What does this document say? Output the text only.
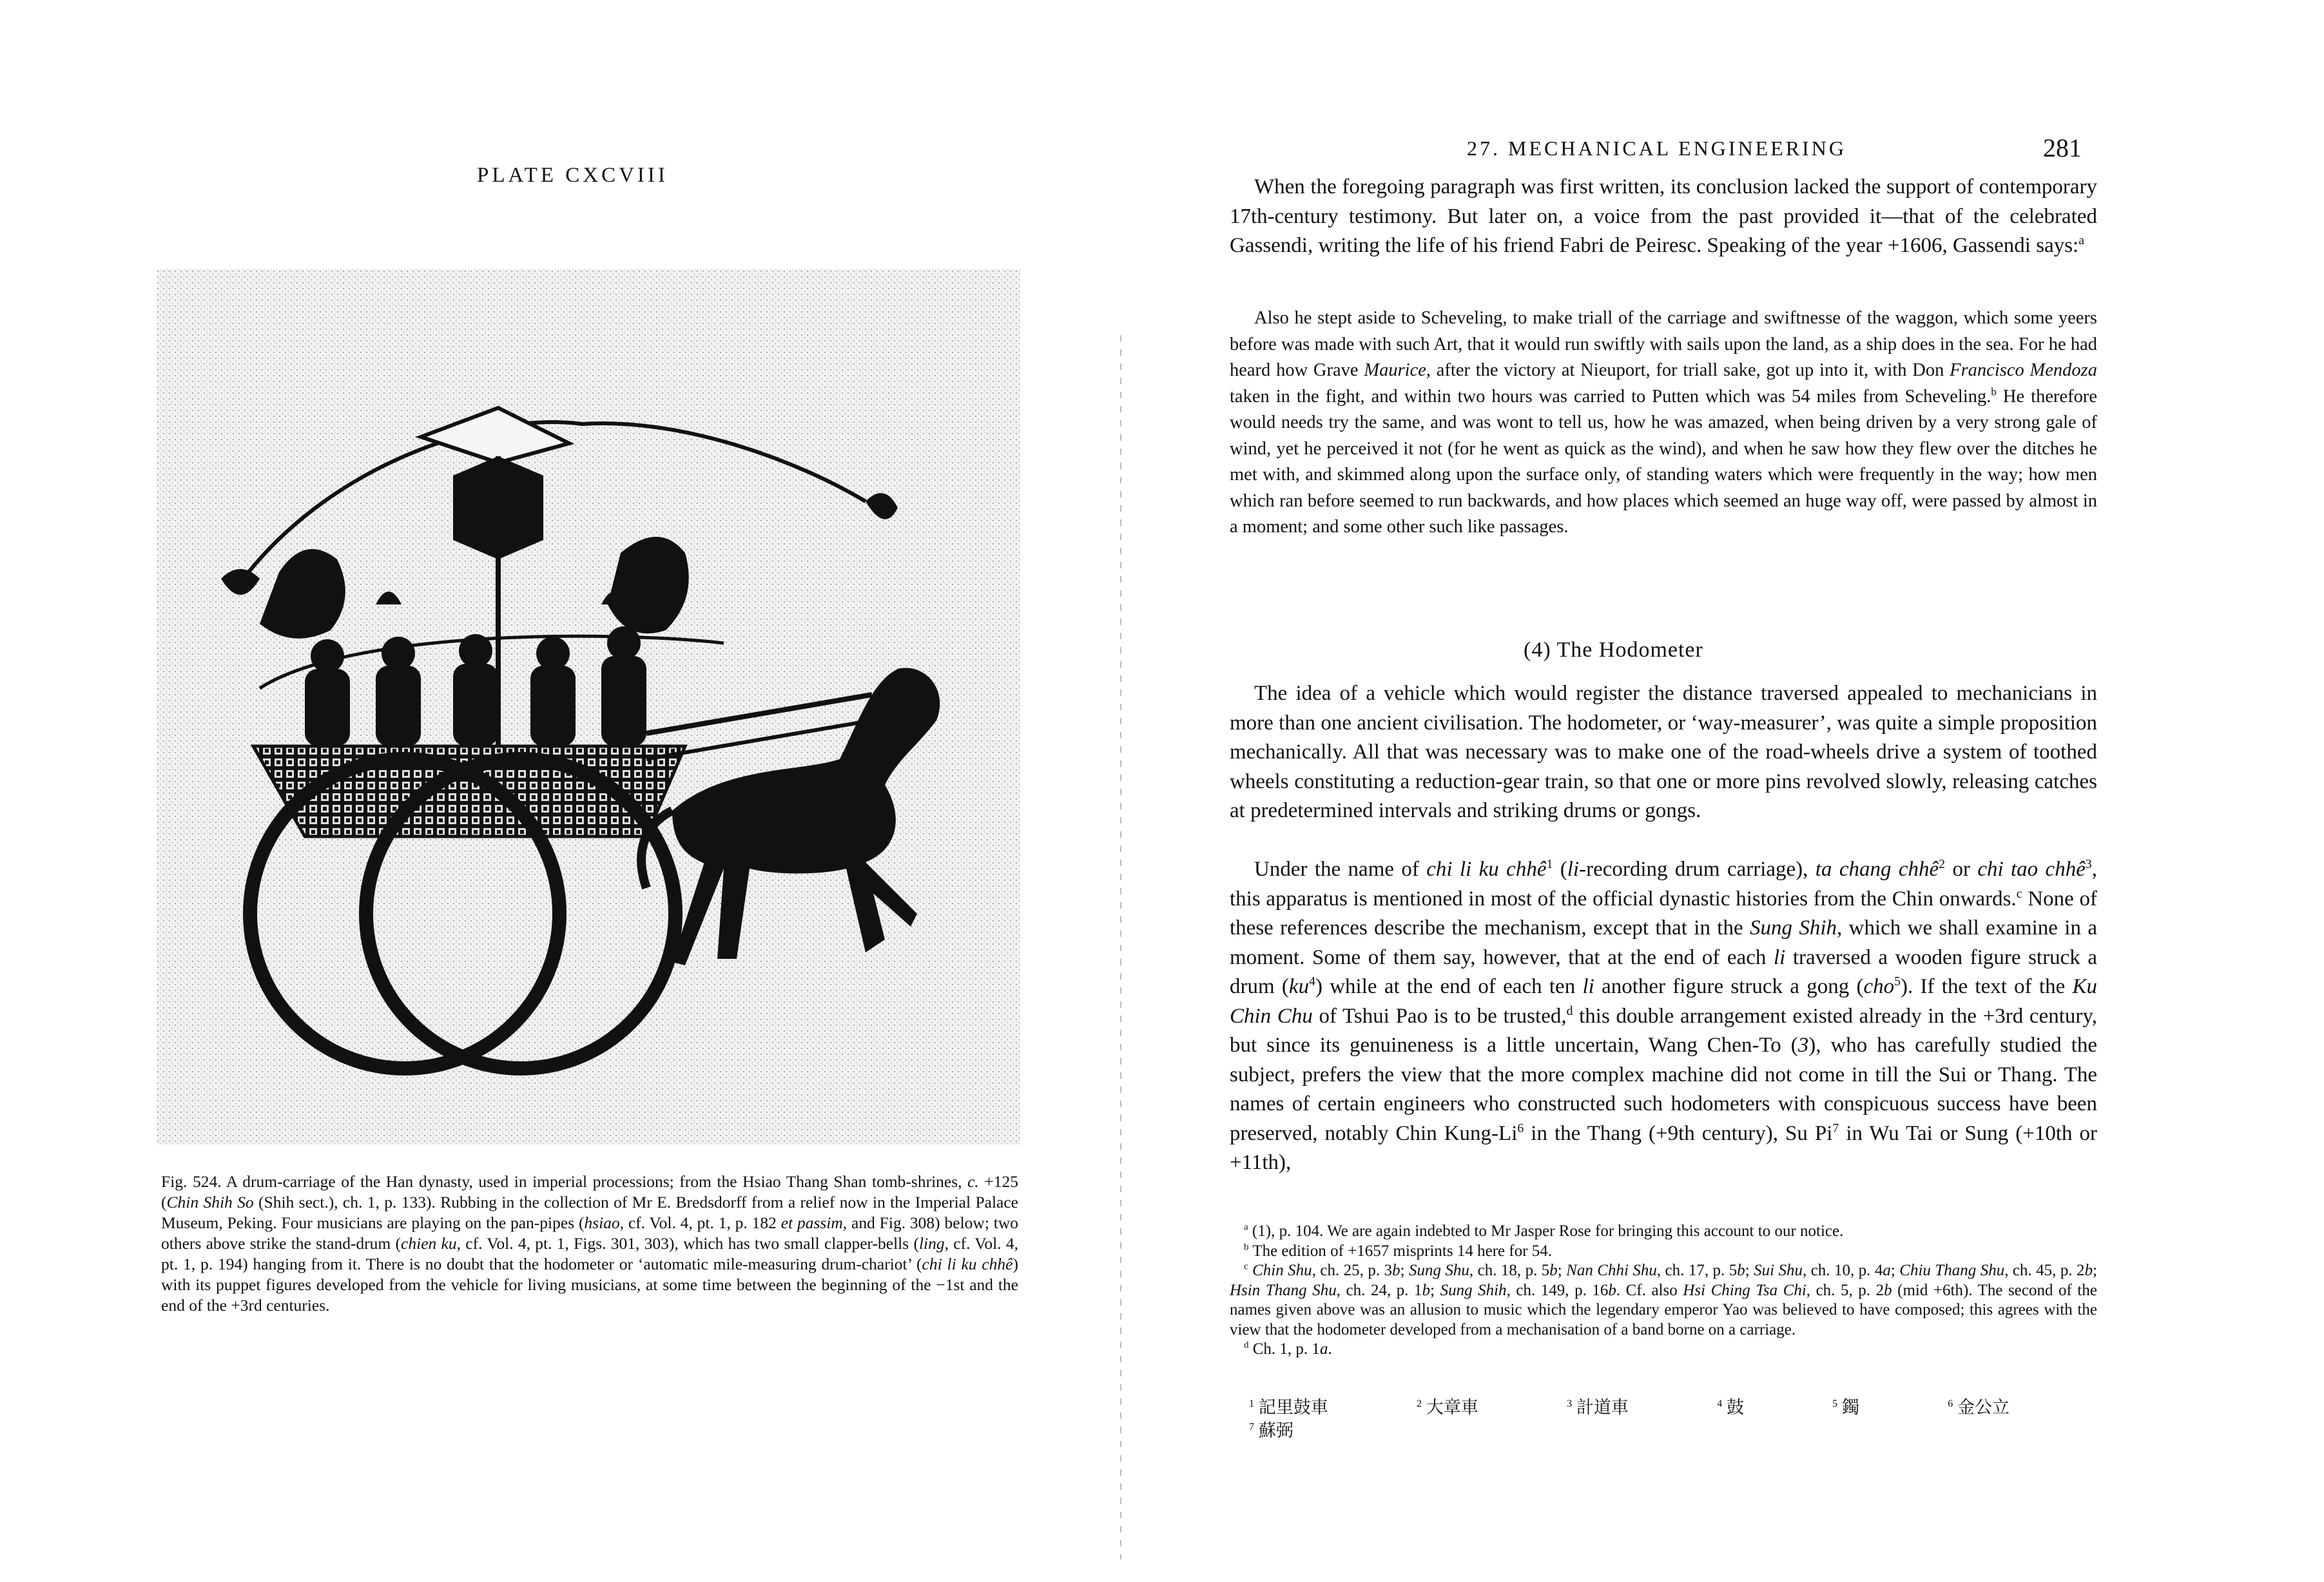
PLATE CXCVIII
Fig. 524. A drum-carriage of the Han dynasty, used in imperial processions; from the Hsiao Thang Shan tomb-shrines, c. +125 (Chin Shih So (Shih sect.), ch. 1, p. 133). Rubbing in the collection of Mr E. Bredsdorff from a relief now in the Imperial Palace Museum, Peking. Four musicians are playing on the pan-pipes (hsiao, cf. Vol. 4, pt. 1, p. 182 et passim, and Fig. 308) below; two others above strike the stand-drum (chien ku, cf. Vol. 4, pt. 1, Figs. 301, 303), which has two small clapper-bells (ling, cf. Vol. 4, pt. 1, p. 194) hanging from it. There is no doubt that the hodometer or ‘automatic mile-measuring drum-chariot’ (chi li ku chhê) with its puppet figures developed from the vehicle for living musicians, at some time between the beginning of the −1st and the end of the +3rd centuries.
27. MECHANICAL ENGINEERING	281

When the foregoing paragraph was first written, its conclusion lacked the support of contemporary 17th-century testimony. But later on, a voice from the past provided it—that of the celebrated Gassendi, writing the life of his friend Fabri de Peiresc. Speaking of the year +1606, Gassendi says:$^a$

Also he stept aside to Scheveling, to make triall of the carriage and swiftnesse of the waggon, which some yeers before was made with such Art, that it would run swiftly with sails upon the land, as a ship does in the sea. For he had heard how Grave Maurice, after the victory at Nieuport, for triall sake, got up into it, with Don Francisco Mendoza taken in the fight, and within two hours was carried to Putten which was 54 miles from Scheveling.$^b$ He therefore would needs try the same, and was wont to tell us, how he was amazed, when being driven by a very strong gale of wind, yet he perceived it not (for he went as quick as the wind), and when he saw how they flew over the ditches he met with, and skimmed along upon the surface only, of standing waters which were frequently in the way; how men which ran before seemed to run backwards, and how places which seemed an huge way off, were passed by almost in a moment; and some other such like passages.

(4) The Hodometer

The idea of a vehicle which would register the distance traversed appealed to mechanicians in more than one ancient civilisation. The hodometer, or ‘way-measurer’, was quite a simple proposition mechanically. All that was necessary was to make one of the road-wheels drive a system of toothed wheels constituting a reduction-gear train, so that one or more pins revolved slowly, releasing catches at predetermined intervals and striking drums or gongs.

Under the name of chi li ku chhê$^1$ (li-recording drum carriage), ta chang chhê$^2$ or chi tao chhê$^3$, this apparatus is mentioned in most of the official dynastic histories from the Chin onwards.$^c$ None of these references describe the mechanism, except that in the Sung Shih, which we shall examine in a moment. Some of them say, however, that at the end of each li traversed a wooden figure struck a drum $(ku^4)$ while at the end of each ten li another figure struck a gong (cho$^5$). If the text of the Ku Chin Chu of Tshui Pao is to be trusted,$^d$ this double arrangement existed already in the +3rd century, but since its genuineness is a little uncertain, Wang Chen-To (3), who has carefully studied the subject, prefers the view that the more complex machine did not come in till the Sui or Thang. The names of certain engineers who constructed such hodometers with conspicuous success have been preserved, notably Chin Kung-Li$^6$ in the Thang (+9th century), Su Pi$^7$ in Wu Tai or Sung (+10th or +11th),

$^a$ (1), p. 104. We are again indebted to Mr Jasper Rose for bringing this account to our notice.

$^b$ The edition of +1657 misprints 14 here for 54.

$^c$ Chin Shu, ch. 25, p. 3b; Sung Shu, ch. 18, p. 5b; Nan Chhi Shu, ch. 17, p. 5b; Sui Shu, ch. 10, p. 4a; Chiu Thang Shu, ch. 45, p. 2b; Hsin Thang Shu, ch. 24, p. 1b; Sung Shih, ch. 149, p. 16b. Cf. also Hsi Ching Tsa Chi, ch. 5, p. 2b (mid +6th). The second of the names given above was an allusion to music which the legendary emperor Yao was believed to have composed; this agrees with the view that the hodometer developed from a mechanisation of a band borne on a carriage.

$^d$ Ch. 1, p. 1a.

$^1$ 記里鼓車	$^2$ 大章車	$^3$ 計道車	$^4$ 鼓	$^5$ 鐲	$^6$ 金公立
$^7$ 蘇弼
